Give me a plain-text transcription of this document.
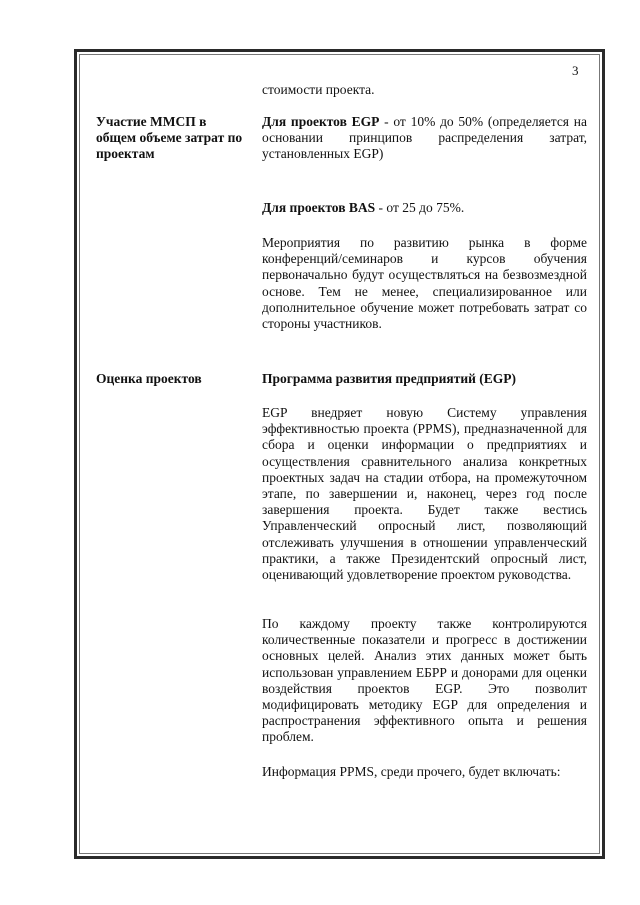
3
стоимости проекта.
Участие ММСП в общем объеме затрат по проектам
Для проектов EGP - от 10% до 50% (определяется на основании принципов распределения затрат, установленных EGP)
Для проектов BAS - от 25 до 75%.
Мероприятия по развитию рынка в форме конференций/семинаров и курсов обучения первоначально будут осуществляться на безвозмездной основе. Тем не менее, специализированное или дополнительное обучение может потребовать затрат со стороны участников.
Оценка проектов	Программа развития предприятий (EGP)
EGP внедряет новую Систему управления эффективностью проекта (PPMS), предназначенной для сбора и оценки информации о предприятиях и осуществления сравнительного анализа конкретных проектных задач на стадии отбора, на промежуточном этапе, по завершении и, наконец, через год после завершения проекта. Будет также вестись Управленческий опросный лист, позволяющий отслеживать улучшения в отношении управленческий практики, а также Президентский опросный лист, оценивающий удовлетворение проектом руководства.
По каждому проекту также контролируются количественные показатели и прогресс в достижении основных целей. Анализ этих данных может быть использован управлением ЕБРР и донорами для оценки воздействия проектов EGP. Это позволит модифицировать методику EGP для определения и распространения эффективного опыта и решения проблем.
Информация PPMS, среди прочего, будет включать:
